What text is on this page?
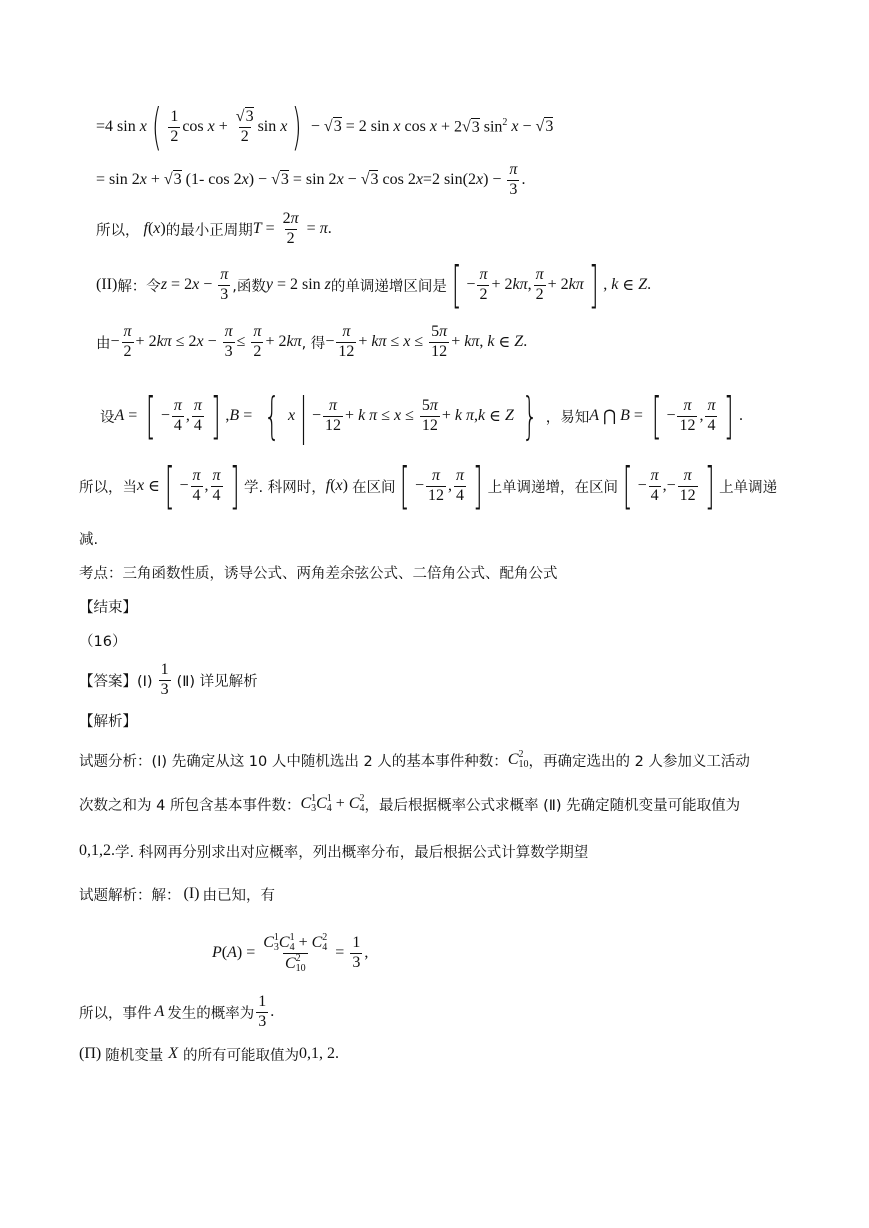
=4 sin x ( $\frac{1}{2}$ $\cos x + \frac{√3}{2}$ sin x ) − √3 = 2 sin x cos x + 2√3 $\sin^2 x - √3$
= sin 2 x + √3 (1- cos 2 x ) − √3 = sin 2 x − √3 cos 2 x =2 sin(2 x ) − $\frac{\pi}{3}$ .
所以， f ( x ) 的最小正周期 $T = \frac{2\pi}{2} = \pi$ .
(II) 解：令 z = 2 $x - \frac{\pi}{3}$ ,函数 y = 2 sin z 的单调递增区间是 [ − $\frac{\pi}{2} + 2$ kπ , $\frac{\pi}{2} + 2$ kπ ] , k ∈ Z .
由 − $\frac{\pi}{2} + 2$ kπ ≤ 2 $x - \frac{\pi}{3} \le \frac{\pi}{2} + 2$ kπ , 得 − $\frac{\pi}{12} + k\pi \le x \le \frac{5\pi}{12} + k\pi$ , k ∈ Z .
设 A = [ − $\frac{\pi}{4}$ , $\frac{\pi}{4}$ ] , B = { x | − $\frac{\pi}{12} + k$ $\pi \le x \le \frac{5\pi}{12} + k$ π , k ∈ Z } ，易知 A ⋂ B = [ − $\frac{\pi}{12}$ , $\frac{\pi}{4}$ ] .
所以，当 x ∈ [ − $\frac{\pi}{4}$ , $\frac{\pi}{4}$ ] 学. 科网时， f ( x ) 在区间 [ − $\frac{\pi}{12}$ , $\frac{\pi}{4}$ ] 上单调递增，在区间 [ − $\frac{\pi}{4}$ ,− $\frac{\pi}{12}$ ] 上单调递
减.
考点：三角函数性质，诱导公式、两角差余弦公式、二倍角公式、配角公式
【结束】
（16）
【答案】(Ⅰ) $\frac{1}{3}$ (Ⅱ) 详见解析
【解析】
试题分析：(Ⅰ) 先确定从这 10 人中随机选出 2 人的基本事件种数： C 2
10 ，再确定选出的 2 人参加义工活动
次数之和为 4 所包含基本事件数： C 1
3 C 1
4 + C 2
4 ，最后根据概率公式求概率 (Ⅱ) 先确定随机变量可能取值为
0,1,2. 学. 科网再分别求出对应概率，列出概率分布，最后根据公式计算数学期望
试题解析：解： (I) 由已知，有
P ( A ) = C 1
3 C 1
4 + C 2
4
C 2
$10 = \frac{1}{3}$ ,
所以，事件 A 发生的概率为 $\frac{1}{3}$ .
(Π) 随机变量 X 的所有可能取值为 0,1, 2.
